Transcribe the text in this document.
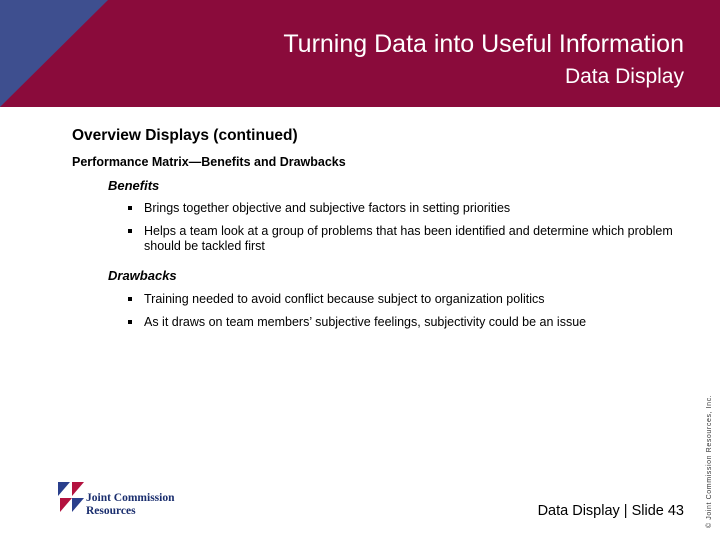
Turning Data into Useful Information
Data Display
Overview Displays (continued)
Performance Matrix—Benefits and Drawbacks
Benefits
Brings together objective and subjective factors in setting priorities
Helps a team look at a group of problems that has been identified and determine which problem should be tackled first
Drawbacks
Training needed to avoid conflict because subject to organization politics
As it draws on team members’ subjective feelings, subjectivity could be an issue
© Joint Commission Resources, Inc.
Joint Commission
Resources	Data Display | Slide 43
